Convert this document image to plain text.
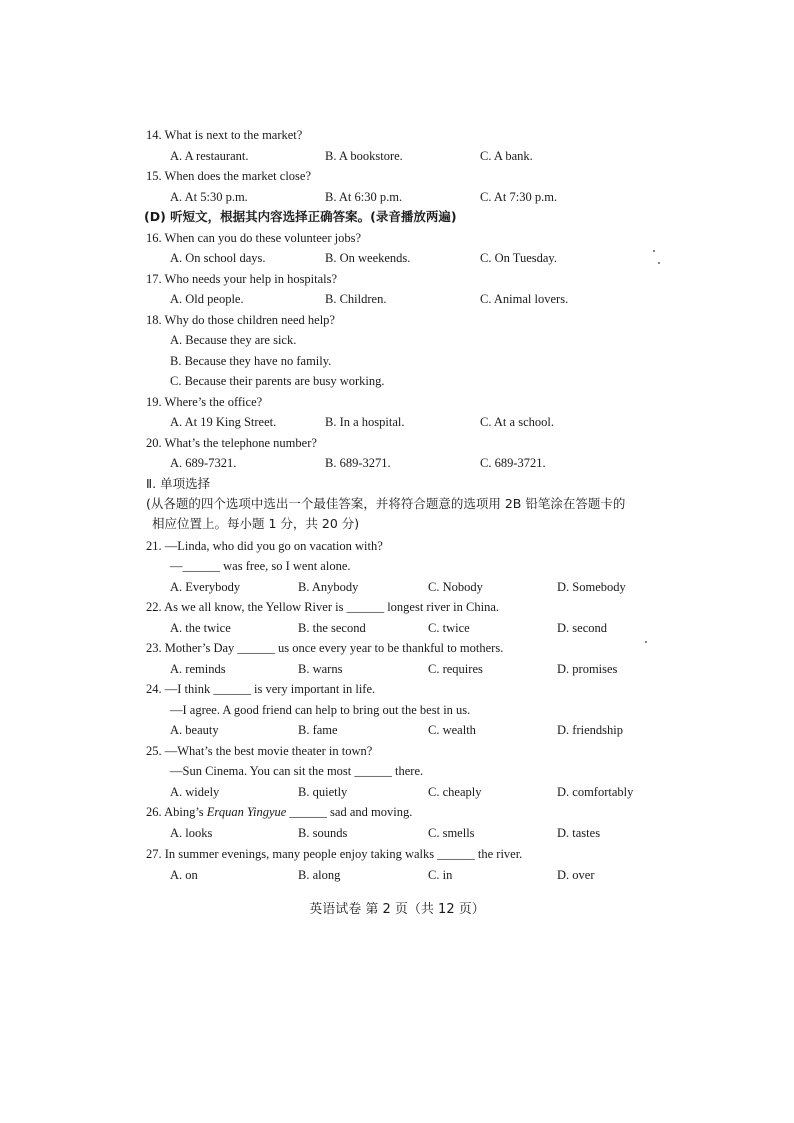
14. What is next to the market?
A. A restaurant.	B. A bookstore.	C. A bank.
15. When does the market close?
A. At 5:30 p.m.	B. At 6:30 p.m.	C. At 7:30 p.m.
(D) 听短文，根据其内容选择正确答案。(录音播放两遍)
16. When can you do these volunteer jobs?
A. On school days.	B. On weekends.	C. On Tuesday.
17. Who needs your help in hospitals?
A. Old people.	B. Children.	C. Animal lovers.
18. Why do those children need help?
A. Because they are sick.
B. Because they have no family.
C. Because their parents are busy working.
19. Where’s the office?
A. At 19 King Street.	B. In a hospital.	C. At a school.
20. What’s the telephone number?
A. 689-7321.	B. 689-3271.	C. 689-3721.
Ⅱ. 单项选择
(从各题的四个选项中选出一个最佳答案，并将符合题意的选项用 2B 铅笔涂在答题卡的
相应位置上。每小题 1 分，共 20 分)
21. —Linda, who did you go on vacation with?
—______ was free, so I went alone.
A. Everybody	B. Anybody	C. Nobody	D. Somebody
22. As we all know, the Yellow River is ______ longest river in China.
A. the twice	B. the second	C. twice	D. second
23. Mother’s Day ______ us once every year to be thankful to mothers.
A. reminds	B. warns	C. requires	D. promises
24. —I think ______ is very important in life.
—I agree. A good friend can help to bring out the best in us.
A. beauty	B. fame	C. wealth	D. friendship
25. —What’s the best movie theater in town?
—Sun Cinema. You can sit the most ______ there.
A. widely	B. quietly	C. cheaply	D. comfortably
26. Abing’s Erquan Yingyue ______ sad and moving.
A. looks	B. sounds	C. smells	D. tastes
27. In summer evenings, many people enjoy taking walks ______ the river.
A. on	B. along	C. in	D. over
英语试卷 第 2 页（共 12 页）
